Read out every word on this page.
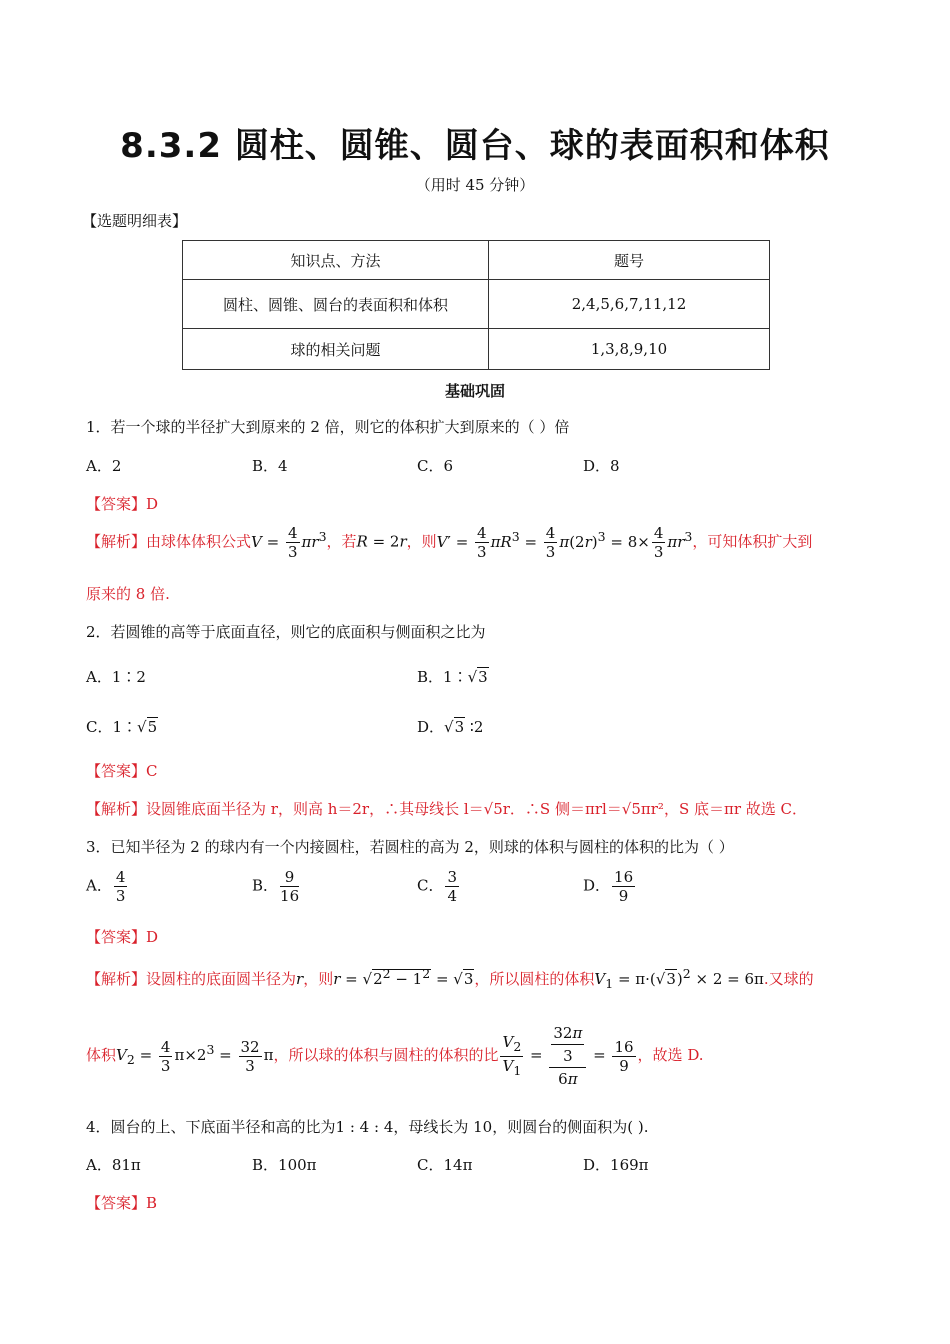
8.3.2 圆柱、圆锥、圆台、球的表面积和体积
（用时 45 分钟）
【选题明细表】
知识点、方法	题号
圆柱、圆锥、圆台的表面积和体积	2,4,5,6,7,11,12
球的相关问题	1,3,8,9,10
基础巩固
1．若一个球的半径扩大到原来的 2 倍，则它的体积扩大到原来的（ ）倍
A．2	B．4	C．6	D．8
【答案】D
【解析】由球体体积公式$V = \frac{4}{3} \pi r^3$，若R = 2r，则$V' = \frac{4}{3} \pi R^3 = \frac{4}{3} \pi(2r)^3 = 8\times \frac{4}{3} \pi r^3$，可知体积扩大到
原来的 8 倍.
2．若圆锥的高等于底面直径，则它的底面积与侧面积之比为
A．1∶2	B．1∶√3
C．1∶√5	D．√3 ∶2
【答案】C
【解析】设圆锥底面半径为 r，则高 h＝2r，∴其母线长 l＝√5r．∴S 侧＝πrl＝√5πr²，S 底＝πr 故选 C．
3．已知半径为 2 的球内有一个内接圆柱，若圆柱的高为 2，则球的体积与圆柱的体积的比为（ ）
A． $\frac{4}{3}$	B． $\frac{9}{16}$	C． $\frac{3}{4}$	D． $\frac{16}{9}$
【答案】D
【解析】设圆柱的底面圆半径为r，则$r = √2^2 - 1^2 = √3$，所以圆柱的体积$V_1 = \pi\cdot(√3)^2 \times 2 = 6\pi$.又球的
体积$V_2 = \frac{4}{3} \pi\times 2^3 = \frac{32}{3}$ π，所以球的体积与圆柱的体积的比 $\frac{V_2}{V_1} = 32\pi$
3
$6\pi = \frac{16}{9}$ ，故选 D.
4．圆台的上、下底面半径和高的比为1 : 4 : 4，母线长为 10，则圆台的侧面积为( ).
A．81π	B．100π	C．14π	D．169π
【答案】B
